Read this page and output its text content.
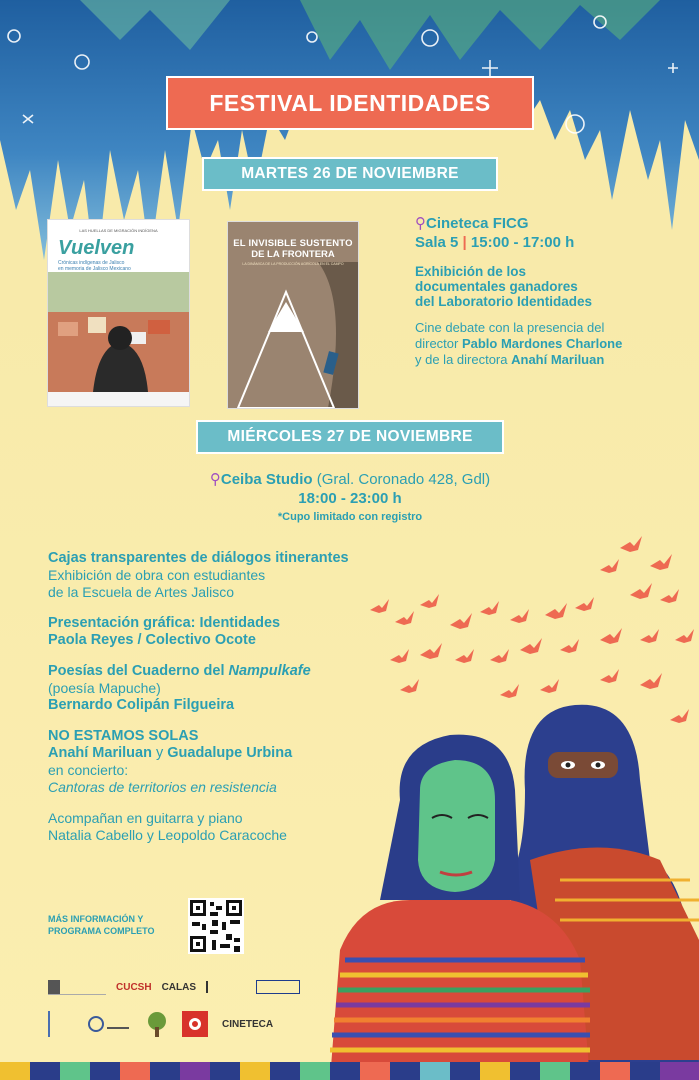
FESTIVAL IDENTIDADES
MARTES 26 DE NOVIEMBRE
LAS HUELLAS DE MIGRACIÓN INDÍGENA
Vuelven
Crónicas indígenas de Jalisco
en memoria de Jalisco Mexicano
EL INVISIBLE SUSTENTO
DE LA FRONTERA
LA DINÁMICA DE LA PRODUCCIÓN AGRÍCOLA EN EL CAMPO
⚲Cineteca FICG
Sala 5 | 15:00 - 17:00 h
Exhibición de los
documentales ganadores
del Laboratorio Identidades
Cine debate con la presencia del
director Pablo Mardones Charlone
y de la directora Anahí Mariluan
MIÉRCOLES 27 DE NOVIEMBRE
⚲Ceiba Studio (Gral. Coronado 428, Gdl)
18:00 - 23:00 h
*Cupo limitado con registro
Cajas transparentes de diálogos itinerantes
Exhibición de obra con estudiantes
de la Escuela de Artes Jalisco
Presentación gráfica: Identidades
Paola Reyes / Colectivo Ocote
Poesías del Cuaderno del Nampulkafe
(poesía Mapuche)
Bernardo Colipán Filgueira
NO ESTAMOS SOLAS
Anahí Mariluan y Guadalupe Urbina
en concierto:
Cantoras de territorios en resistencia
Acompañan en guitarra y piano
Natalia Cabello y Leopoldo Caracoche
MÁS INFORMACIÓN Y
PROGRAMA COMPLETO
CUCSH CALAS
CINETECA
